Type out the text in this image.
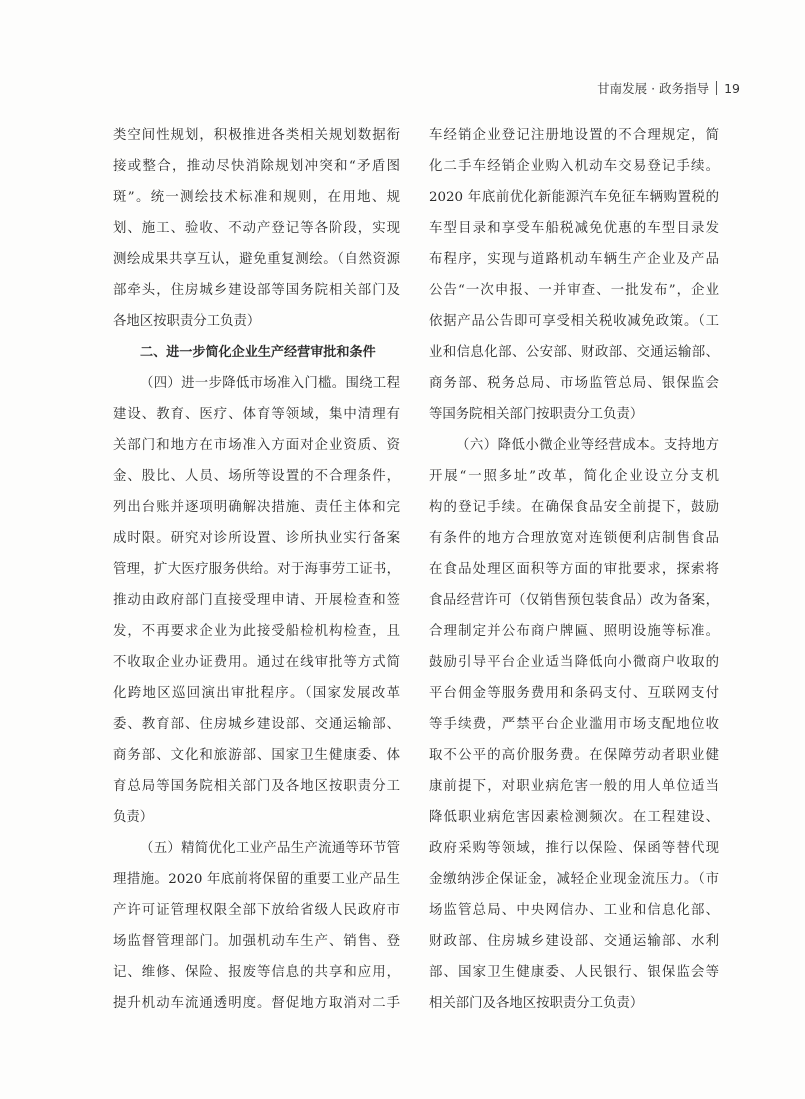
甘南发展 · 政务指导 19
类空间性规划，积极推进各类相关规划数据衔
接或整合，推动尽快消除规划冲突和“矛盾图
斑”。统一测绘技术标准和规则，在用地、规
划、施工、验收、不动产登记等各阶段，实现
测绘成果共享互认，避免重复测绘。（自然资源
部牵头，住房城乡建设部等国务院相关部门及
各地区按职责分工负责）
二、进一步简化企业生产经营审批和条件
（四）进一步降低市场准入门槛。围绕工程
建设、教育、医疗、体育等领域，集中清理有
关部门和地方在市场准入方面对企业资质、资
金、股比、人员、场所等设置的不合理条件，
列出台账并逐项明确解决措施、责任主体和完
成时限。研究对诊所设置、诊所执业实行备案
管理，扩大医疗服务供给。对于海事劳工证书，
推动由政府部门直接受理申请、开展检查和签
发，不再要求企业为此接受船检机构检查，且
不收取企业办证费用。通过在线审批等方式简
化跨地区巡回演出审批程序。（国家发展改革
委、教育部、住房城乡建设部、交通运输部、
商务部、文化和旅游部、国家卫生健康委、体
育总局等国务院相关部门及各地区按职责分工
负责）
（五）精简优化工业产品生产流通等环节管
理措施。2020 年底前将保留的重要工业产品生
产许可证管理权限全部下放给省级人民政府市
场监督管理部门。加强机动车生产、销售、登
记、维修、保险、报废等信息的共享和应用，
提升机动车流通透明度。督促地方取消对二手
车经销企业登记注册地设置的不合理规定，简
化二手车经销企业购入机动车交易登记手续。
2020 年底前优化新能源汽车免征车辆购置税的
车型目录和享受车船税减免优惠的车型目录发
布程序，实现与道路机动车辆生产企业及产品
公告“一次申报、一并审查、一批发布”，企业
依据产品公告即可享受相关税收减免政策。（工
业和信息化部、公安部、财政部、交通运输部、
商务部、税务总局、市场监管总局、银保监会
等国务院相关部门按职责分工负责）
（六）降低小微企业等经营成本。支持地方
开展“一照多址”改革，简化企业设立分支机
构的登记手续。在确保食品安全前提下，鼓励
有条件的地方合理放宽对连锁便利店制售食品
在食品处理区面积等方面的审批要求，探索将
食品经营许可（仅销售预包装食品）改为备案，
合理制定并公布商户牌匾、照明设施等标准。
鼓励引导平台企业适当降低向小微商户收取的
平台佣金等服务费用和条码支付、互联网支付
等手续费，严禁平台企业滥用市场支配地位收
取不公平的高价服务费。在保障劳动者职业健
康前提下，对职业病危害一般的用人单位适当
降低职业病危害因素检测频次。在工程建设、
政府采购等领域，推行以保险、保函等替代现
金缴纳涉企保证金，减轻企业现金流压力。（市
场监管总局、中央网信办、工业和信息化部、
财政部、住房城乡建设部、交通运输部、水利
部、国家卫生健康委、人民银行、银保监会等
相关部门及各地区按职责分工负责）
